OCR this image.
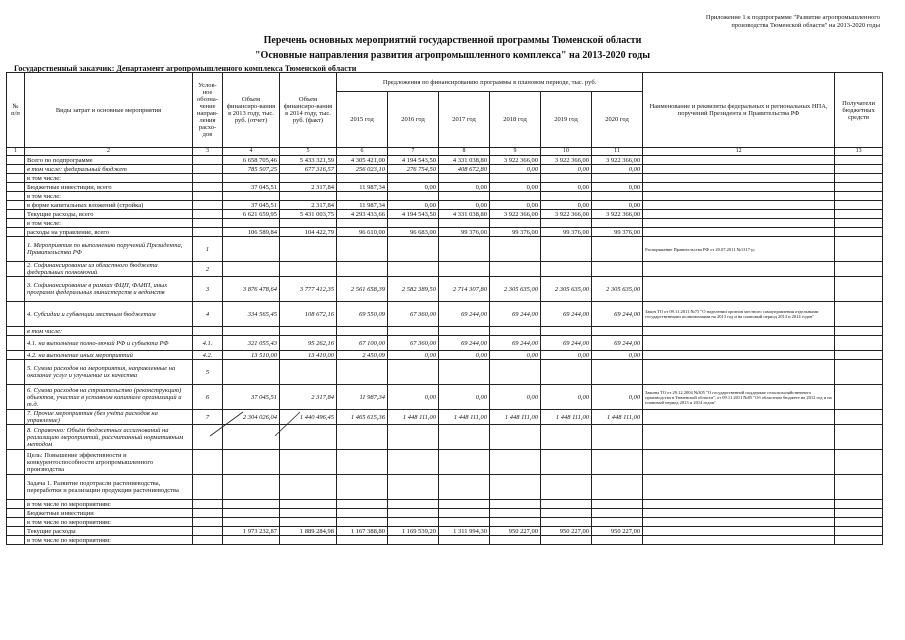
Приложение 1 к подпрограмме "Развитие агропромышленного производства Тюменской области" на 2013-2020 годы
Перечень основных мероприятий государственной программы Тюменской области
"Основные направления развития агропромышленного комплекса" на 2013-2020 годы
Государственный заказчик: Департамент агропромышленного комплекса Тюменской области
№ п/п	Виды затрат и основные мероприятия	Услов-ное обозна-чение направ-ления расхо-дов	Объем финансиро-вания в 2013 году, тыс. руб. (отчет)	Объем финансиро-вания в 2014 году, тыс. руб. (факт)	Предложения по финансированию программы в плановом периоде, тыс. руб.						Наименование и реквизиты федеральных и региональных НПА, поручений Президента и Правительства РФ	Получатели бюджетных средств
					2015 год	2016 год	2017 год	2018 год	2019 год	2020 год		
1	2	3	4	5	6	7	8	9	10	11	12	13
	Всего по подпрограмме		6 658 705,46	5 433 321,59	4 305 421,00	4 194 543,50	4 331 038,80	3 922 366,00	3 922 366,00	3 922 366,00	

	в том числе: федеральный бюджет		785 507,25	677 316,57	256 023,10	276 754,50	408 672,80	0,00	0,00	0,00	

	в том числе:										

	Бюджетные инвестиции, всего		37 045,51	2 317,84	11 987,34	0,00	0,00	0,00	0,00	0,00	

	в том числе:										

	в форме капитальных вложений (стройка)		37 045,51	2 317,84	11 987,34	0,00	0,00	0,00	0,00	0,00	

	Текущие расходы, всего		6 621 659,95	5 431 003,75	4 293 433,66	4 194 543,50	4 331 038,80	3 922 366,00	3 922 366,00	3 922 366,00	

	в том числе:										

	расходы на управление, всего		106 589,84	104 422,79	96 610,00	96 683,00	99 376,00	99 376,00	99 376,00	99 376,00	

	1. Мероприятия по выполнению поручений Президента, Правительства РФ	1									Распоряжение Правительства РФ от 20.07.2011 №1317-р;	

	2. Софинансирование из областного бюджета федеральных полномочий	2									

	3. Софинансирование в рамках ФЦП, ФАИП, иных программ федеральных министерств и ведомств	3	3 876 478,64	3 777 412,35	2 561 658,39	2 582 389,50	2 714 307,80	2 305 635,00	2 305 635,00	2 305 635,00	

	4. Субсидии и субвенции местным бюджетам	4	334 565,45	108 672,16	69 550,09	67 360,00	69 244,00	69 244,00	69 244,00	69 244,00	Закон ТО от 09.11.2011 №75 "О наделении органов местного самоуправления отдельными государственными полномочиями на 2013 год и на плановый период 2013 и 2014 годов"	

	в том числе:										

	4.1. на выполнение полно-мочий РФ и субъекта РФ	4.1.	321 055,43	95 262,16	67 100,00	67 360,00	69 244,00	69 244,00	69 244,00	69 244,00	

	4.2. на выполнение иных мероприятий	4.2.	13 510,00	13 410,00	2 450,09	0,00	0,00	0,00	0,00	0,00	

	5. Сумма расходов на мероприятия, направленные на оказание услуг и улучшение их качества	5									

	6. Сумма расходов на строительство (реконструкцию) объектов, участие в уставном капитале организаций и т.д.	6	37 045,51	2 317,84	11 987,34	0,00	0,00	0,00	0,00	0,00	Законы ТО от 29.12.2004 №305 "О государственной поддержке сельскохозяйственного производства в Тюменской области", от 09.11.2011 №85 "Об областном бюджете на 2012 год и на плановый период 2013 и 2014 годов"	

	7. Прочие мероприятия (без учёта расходов на управление)	7	2 304 026,04	1 440 496,45	1 465 615,36	1 448 111,00	1 448 111,00	1 448 111,00	1 448 111,00	1 448 111,00	

	8. Справочно: Объём бюджетных ассигнований на реализацию мероприятий, рассчитанный нормативным методом										

	Цель: Повышение эффективности и конкурентоспособности агропромышленного производства										

	Задача 1. Развитие подотрасли растениеводства, переработки и реализации продукции растениеводства										

	в том числе по мероприятиям:										

	Бюджетные инвестиции										

	в том числе по мероприятиям:										

	Текущие расходы		1 973 232,87	1 889 284,98	1 167 388,80	1 169 539,20	1 311 994,30	950 227,00	950 227,00	950 227,00	

	в том числе по мероприятиям:										
